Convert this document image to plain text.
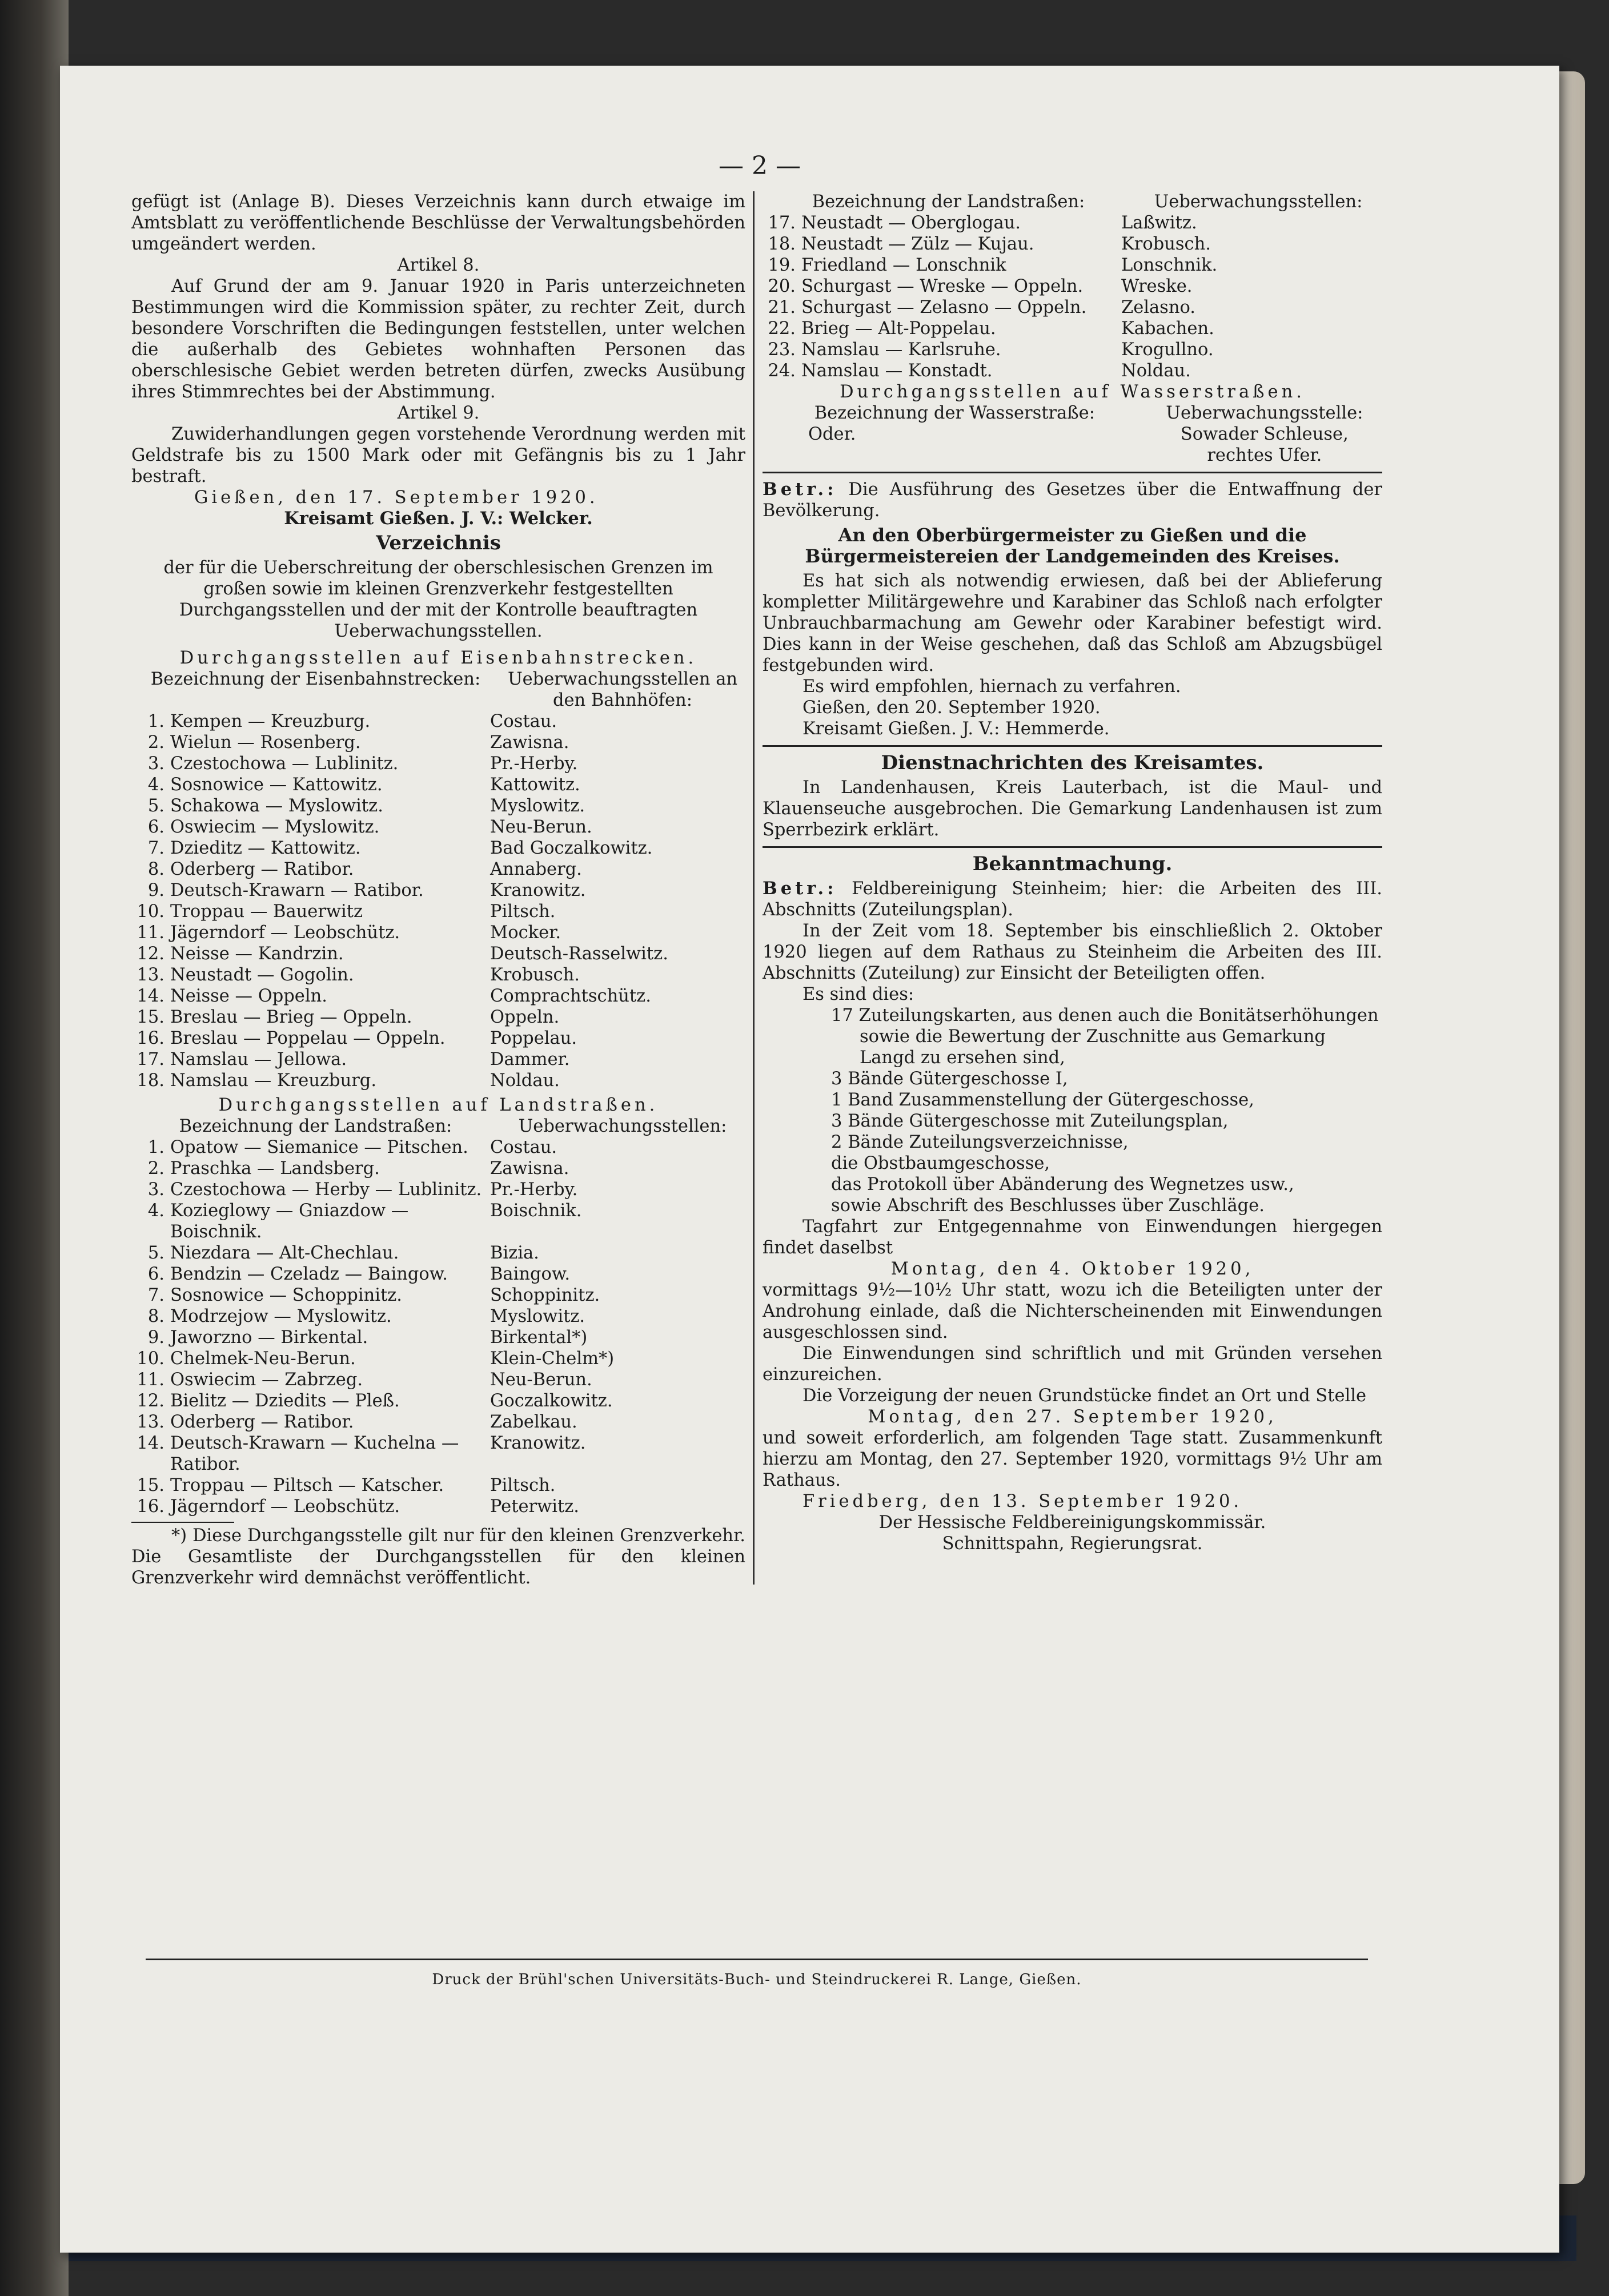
— 2 —

gefügt ist (Anlage B). Dieses Verzeichnis kann durch etwaige im Amtsblatt zu veröffentlichende Beschlüsse der Verwaltungsbehörden umgeändert werden.

Artikel 8.

Auf Grund der am 9. Januar 1920 in Paris unterzeichneten Bestimmungen wird die Kommission später, zu rechter Zeit, durch besondere Vorschriften die Bedingungen feststellen, unter welchen die außerhalb des Gebietes wohnhaften Personen das oberschlesische Gebiet werden betreten dürfen, zwecks Ausübung ihres Stimmrechtes bei der Abstimmung.

Artikel 9.

Zuwiderhandlungen gegen vorstehende Verordnung werden mit Geldstrafe bis zu 1500 Mark oder mit Gefängnis bis zu 1 Jahr bestraft.

Gießen, den 17. September 1920.

Kreisamt Gießen. J. V.: Welcker.

Verzeichnis

der für die Ueberschreitung der oberschlesischen Grenzen im großen sowie im kleinen Grenzverkehr festgestellten Durchgangsstellen und der mit der Kontrolle beauftragten Ueberwachungsstellen.

Durchgangsstellen auf Eisenbahnstrecken.

Bezeichnung der Eisenbahnstrecken:	Ueberwachungsstellen an den Bahnhöfen:
1.	Kempen — Kreuzburg.	Costau.
2.	Wielun — Rosenberg.	Zawisna.
3.	Czestochowa — Lublinitz.	Pr.-Herby.
4.	Sosnowice — Kattowitz.	Kattowitz.
5.	Schakowa — Myslowitz.	Myslowitz.
6.	Oswiecim — Myslowitz.	Neu-Berun.
7.	Dzieditz — Kattowitz.	Bad Goczalkowitz.
8.	Oderberg — Ratibor.	Annaberg.
9.	Deutsch-Krawarn — Ratibor.	Kranowitz.
10.	Troppau — Bauerwitz	Piltsch.
11.	Jägerndorf — Leobschütz.	Mocker.
12.	Neisse — Kandrzin.	Deutsch-Rasselwitz.
13.	Neustadt — Gogolin.	Krobusch.
14.	Neisse — Oppeln.	Comprachtschütz.
15.	Breslau — Brieg — Oppeln.	Oppeln.
16.	Breslau — Poppelau — Oppeln.	Poppelau.
17.	Namslau — Jellowa.	Dammer.
18.	Namslau — Kreuzburg.	Noldau.

Durchgangsstellen auf Landstraßen.

Bezeichnung der Landstraßen:	Ueberwachungsstellen:
1.	Opatow — Siemanice — Pitschen.	Costau.
2.	Praschka — Landsberg.	Zawisna.
3.	Czestochowa — Herby — Lublinitz.	Pr.-Herby.
4.	Kozieglowy — Gniazdow — Boischnik.	Boischnik.
5.	Niezdara — Alt-Chechlau.	Bizia.
6.	Bendzin — Czeladz — Baingow.	Baingow.
7.	Sosnowice — Schoppinitz.	Schoppinitz.
8.	Modrzejow — Myslowitz.	Myslowitz.
9.	Jaworzno — Birkental.	Birkental*)
10.	Chelmek-Neu-Berun.	Klein-Chelm*)
11.	Oswiecim — Zabrzeg.	Neu-Berun.
12.	Bielitz — Dziedits — Pleß.	Goczalkowitz.
13.	Oderberg — Ratibor.	Zabelkau.
14.	Deutsch-Krawarn — Kuchelna — Ratibor.	Kranowitz.
15.	Troppau — Piltsch — Katscher.	Piltsch.
16.	Jägerndorf — Leobschütz.	Peterwitz.

*) Diese Durchgangsstelle gilt nur für den kleinen Grenzverkehr. Die Gesamtliste der Durchgangsstellen für den kleinen Grenzverkehr wird demnächst veröffentlicht.

Bezeichnung der Landstraßen:	Ueberwachungsstellen:
17.	Neustadt — Oberglogau.	Laßwitz.
18.	Neustadt — Zülz — Kujau.	Krobusch.
19.	Friedland — Lonschnik	Lonschnik.
20.	Schurgast — Wreske — Oppeln.	Wreske.
21.	Schurgast — Zelasno — Oppeln.	Zelasno.
22.	Brieg — Alt-Poppelau.	Kabachen.
23.	Namslau — Karlsruhe.	Krogullno.
24.	Namslau — Konstadt.	Noldau.

Durchgangsstellen auf Wasserstraßen.

Bezeichnung der Wasserstraße:	Ueberwachungsstelle:
Oder.	Sowader Schleuse, rechtes Ufer.

Betr.: Die Ausführung des Gesetzes über die Entwaffnung der Bevölkerung.

An den Oberbürgermeister zu Gießen und die Bürgermeistereien der Landgemeinden des Kreises.

Es hat sich als notwendig erwiesen, daß bei der Ablieferung kompletter Militärgewehre und Karabiner das Schloß nach erfolgter Unbrauchbarmachung am Gewehr oder Karabiner befestigt wird. Dies kann in der Weise geschehen, daß das Schloß am Abzugsbügel festgebunden wird.

Es wird empfohlen, hiernach zu verfahren.

Gießen, den 20. September 1920.

Kreisamt Gießen. J. V.: Hemmerde.

Dienstnachrichten des Kreisamtes.

In Landenhausen, Kreis Lauterbach, ist die Maul- und Klauenseuche ausgebrochen. Die Gemarkung Landenhausen ist zum Sperrbezirk erklärt.

Bekanntmachung.

Betr.: Feldbereinigung Steinheim; hier: die Arbeiten des III. Abschnitts (Zuteilungsplan).

In der Zeit vom 18. September bis einschließlich 2. Oktober 1920 liegen auf dem Rathaus zu Steinheim die Arbeiten des III. Abschnitts (Zuteilung) zur Einsicht der Beteiligten offen.

Es sind dies:

17 Zuteilungskarten, aus denen auch die Bonitätserhöhungen sowie die Bewertung der Zuschnitte aus Gemarkung Langd zu ersehen sind,

3 Bände Gütergeschosse I,

1 Band Zusammenstellung der Gütergeschosse,

3 Bände Gütergeschosse mit Zuteilungsplan,

2 Bände Zuteilungsverzeichnisse,

die Obstbaumgeschosse,

das Protokoll über Abänderung des Wegnetzes usw.,

sowie Abschrift des Beschlusses über Zuschläge.

Tagfahrt zur Entgegennahme von Einwendungen hiergegen findet daselbst

Montag, den 4. Oktober 1920,

vormittags 9½—10½ Uhr statt, wozu ich die Beteiligten unter der Androhung einlade, daß die Nichterscheinenden mit Einwendungen ausgeschlossen sind.

Die Einwendungen sind schriftlich und mit Gründen versehen einzureichen.

Die Vorzeigung der neuen Grundstücke findet an Ort und Stelle

Montag, den 27. September 1920,

und soweit erforderlich, am folgenden Tage statt. Zusammenkunft hierzu am Montag, den 27. September 1920, vormittags 9½ Uhr am Rathaus.

Friedberg, den 13. September 1920.

Der Hessische Feldbereinigungskommissär.

Schnittspahn, Regierungsrat.

Druck der Brühl'schen Universitäts-Buch- und Steindruckerei R. Lange, Gießen.
